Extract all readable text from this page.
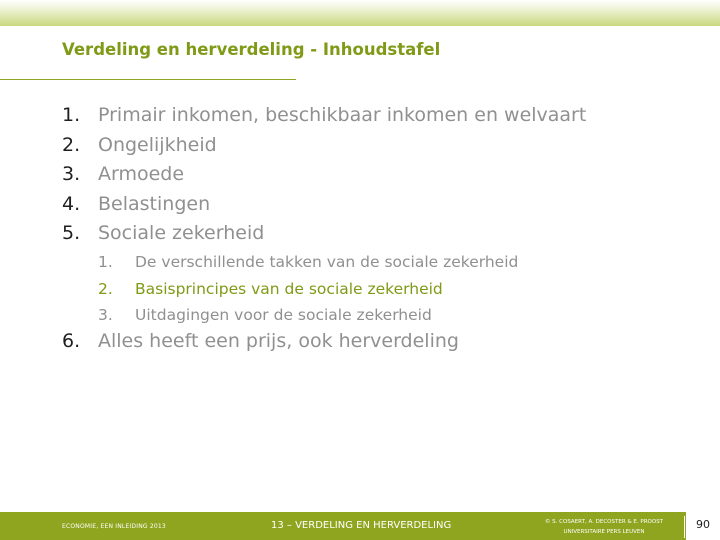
Verdeling en herverdeling - Inhoudstafel
1. Primair inkomen, beschikbaar inkomen en welvaart
2. Ongelijkheid
3. Armoede
4. Belastingen
5. Sociale zekerheid
1.	De verschillende takken van de sociale zekerheid
2.	Basisprincipes van de sociale zekerheid
3.	Uitdagingen voor de sociale zekerheid
6. Alles heeft een prijs, ook herverdeling
ECONOMIE, EEN INLEIDING 2013	13 – VERDELING EN HERVERDELING	© S. COSAERT, A. DECOSTER & E. PROOST
UNIVERSITAIRE PERS LEUVEN
90
